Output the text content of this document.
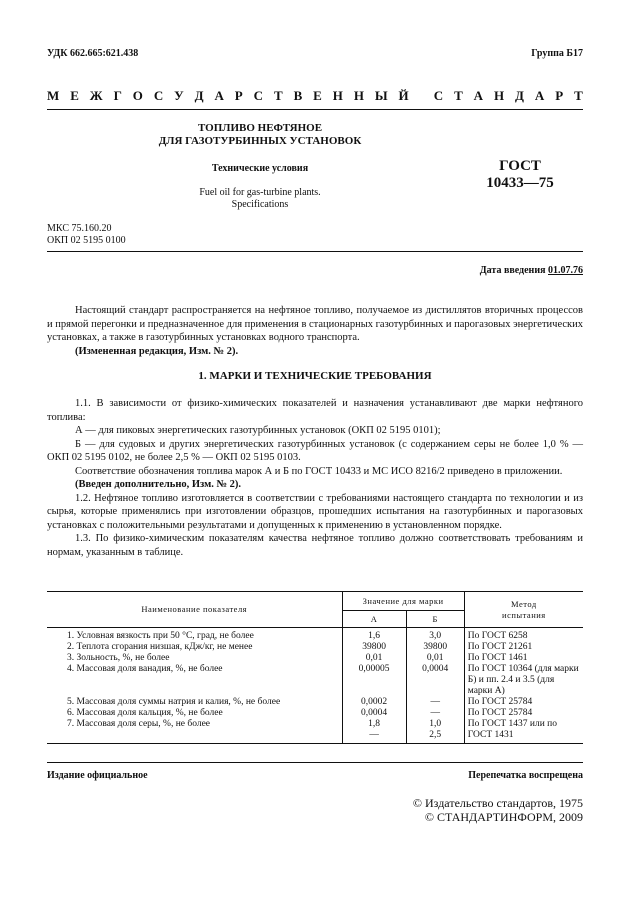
УДК 662.665:621.438	Группа Б17
М Е Ж Г О С У Д А Р С Т В Е Н Н Ы Й
С Т А Н Д А Р Т
ТОПЛИВО НЕФТЯНОЕ
ДЛЯ ГАЗОТУРБИННЫХ УСТАНОВОК
Технические условия
Fuel oil for gas-turbine plants.
Specifications
ГОСТ
10433—75
МКС 75.160.20
ОКП 02 5195 0100
Дата введения 01.07.76

Настоящий стандарт распространяется на нефтяное топливо, получаемое из дистиллятов вторичных процессов и прямой перегонки и предназначенное для применения в стационарных газотурбинных и парогазовых энергетических установках, а также в газотурбинных установках водного транспорта.

(Измененная редакция, Изм. № 2).

1. МАРКИ И ТЕХНИЧЕСКИЕ ТРЕБОВАНИЯ

1.1. В зависимости от физико-химических показателей и назначения устанавливают две марки нефтяного топлива:

А — для пиковых энергетических газотурбинных установок (ОКП 02 5195 0101);

Б — для судовых и других энергетических газотурбинных установок (с содержанием серы не более 1,0 % — ОКП 02 5195 0102, не более 2,5 % — ОКП 02 5195 0103.

Соответствие обозначения топлива марок А и Б по ГОСТ 10433 и МС ИСО 8216/2 приведено в приложении.

(Введен дополнительно, Изм. № 2).

1.2. Нефтяное топливо изготовляется в соответствии с требованиями настоящего стандарта по технологии и из сырья, которые применялись при изготовлении образцов, прошедших испытания на газотурбинных и парогазовых установках с положительными результатами и допущенных к применению в установленном порядке.

1.3. По физико-химическим показателям качества нефтяное топливо должно соответствовать требованиям и нормам, указанным в таблице.

Наименование показателя	Значение для марки		Метод
испытания

	А	Б	
1. Условная вязкость при 50 °С, град, не более	1,6	3,0	По ГОСТ 6258
2. Теплота сгорания низшая, кДж/кг, не менее	39800	39800	По ГОСТ 21261
3. Зольность, %, не более	0,01	0,01	По ГОСТ 1461
4. Массовая доля ванадия, %, не более	0,00005	0,0004	По ГОСТ 10364 (для марки Б) и пп. 2.4 и 3.5 (для марки А)
5. Массовая доля суммы натрия и калия, %, не более	0,0002	—	По ГОСТ 25784
6. Массовая доля кальция, %, не более	0,0004	—	По ГОСТ 25784
7. Массовая доля серы, %, не более	1,8	1,0	По ГОСТ 1437 или по
	—	2,5	ГОСТ 1431
Издание официальное	Перепечатка воспрещена
© Издательство стандартов, 1975
© СТАНДАРТИНФОРМ, 2009
